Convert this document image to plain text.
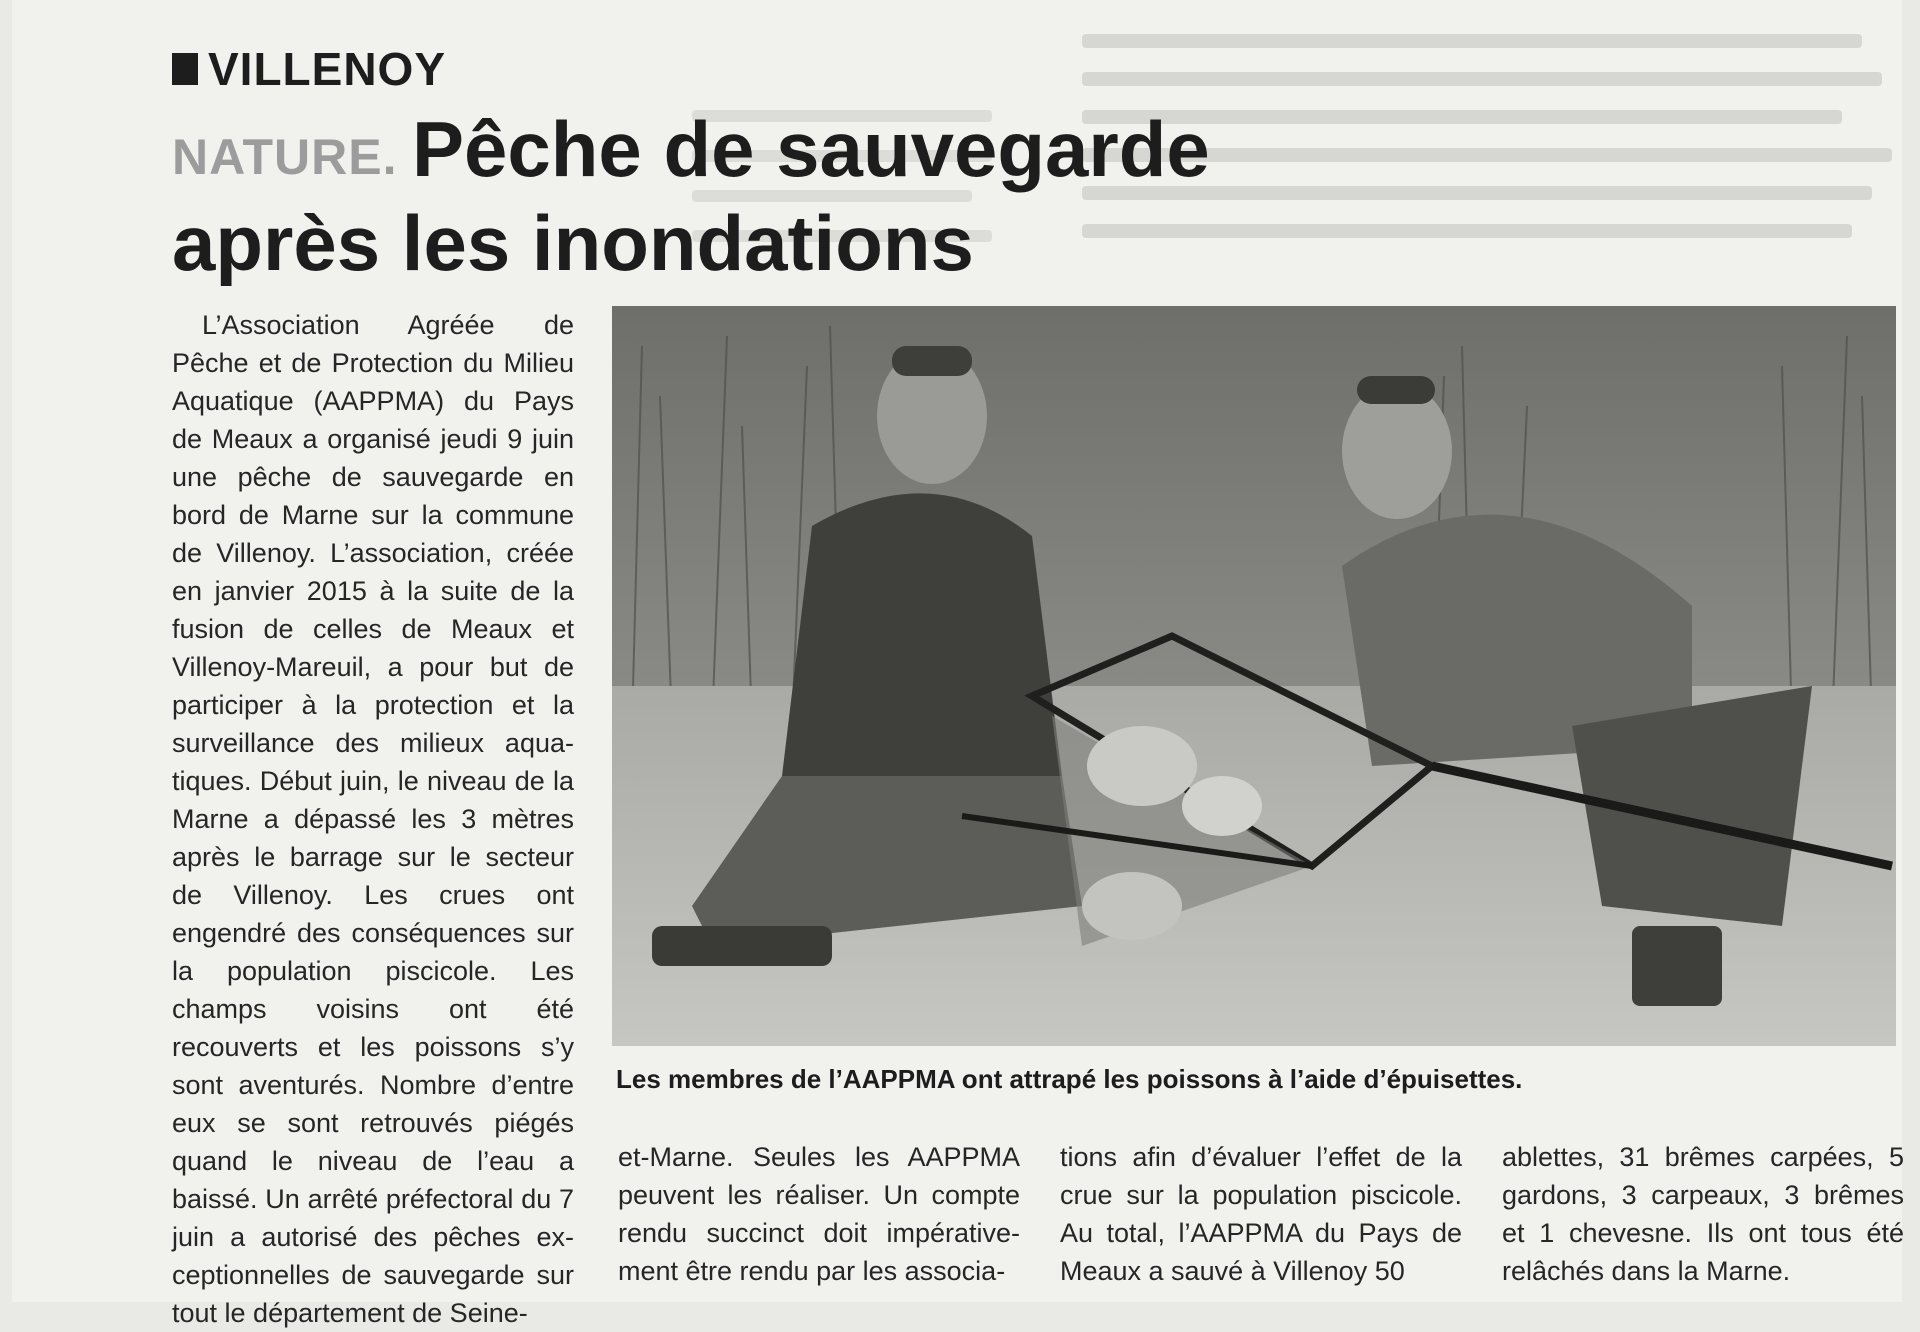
VILLENOY
NATURE. Pêche de sauvegarde
après les inondations

L’Association Agréée de Pêche et de Protection du Milieu Aquatique (AAPPMA) du Pays de Meaux a organisé jeudi 9 juin une pêche de sauvegarde en bord de Marne sur la commune de Villenoy. L’association, créée en janvier 2015 à la suite de la fusion de celles de Meaux et Villenoy-Mareuil, a pour but de participer à la protection et la surveillance des milieux aquatiques. Début juin, le niveau de la Marne a dépassé les 3 mètres après le barrage sur le secteur de Villenoy. Les crues ont engendré des conséquences sur la population piscicole. Les champs voisins ont été recouverts et les poissons s’y sont aventurés. Nombre d’entre eux se sont retrouvés piégés quand le niveau de l’eau a baissé. Un arrêté préfectoral du 7 juin a autorisé des pêches exceptionnelles de sauvegarde sur tout le département de Seine-

Les membres de l’AAPPMA ont attrapé les poissons à l’aide d’épuisettes.

et-Marne. Seules les AAPPMA peuvent les réaliser. Un compte rendu succinct doit impérativement être rendu par les associa-

tions afin d’évaluer l’effet de la crue sur la population piscicole. Au total, l’AAPPMA du Pays de Meaux a sauvé à Villenoy 50

ablettes, 31 brêmes carpées, 5 gardons, 3 carpeaux, 3 brêmes et 1 chevesne. Ils ont tous été relâchés dans la Marne.
